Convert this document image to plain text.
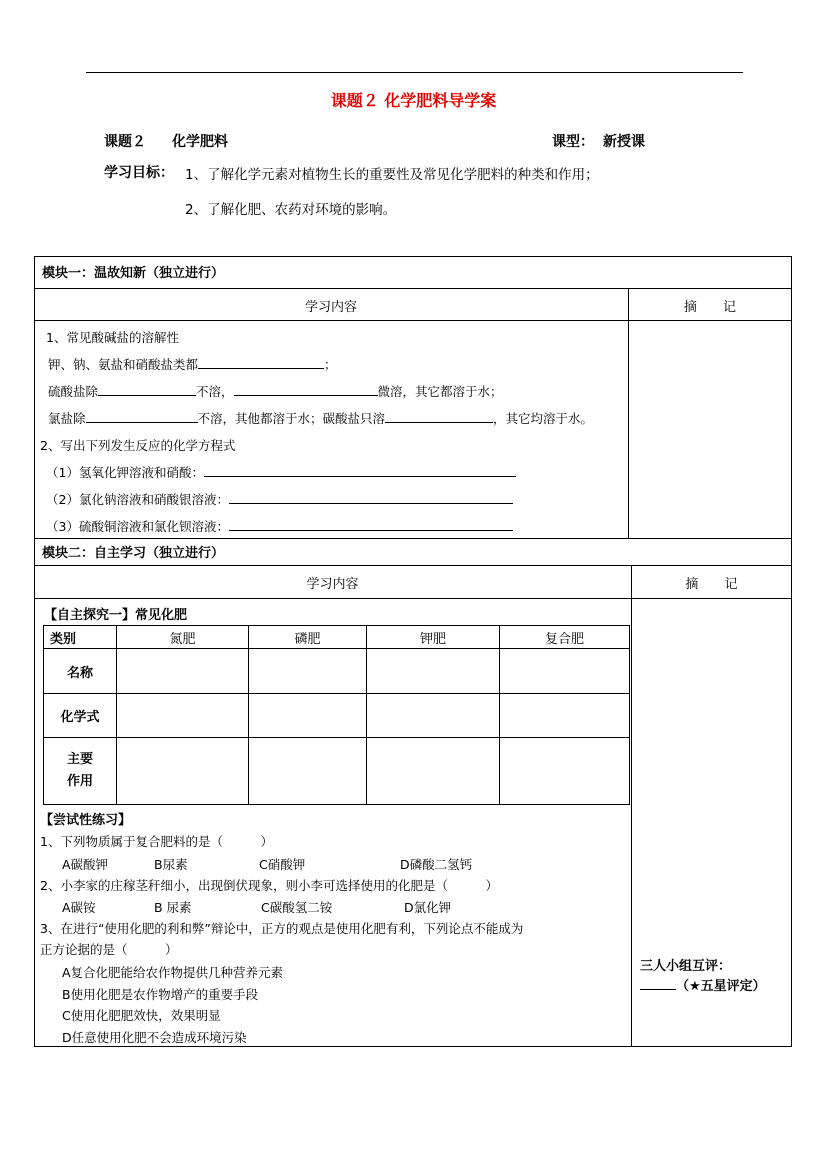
课题２ 化学肥料导学案
课题２ 化学肥料	课型： 新授课
学习目标： 1、了解化学元素对植物生长的重要性及常见化学肥料的种类和作用；
2、了解化肥、农药对环境的影响。
模块一：温故知新（独立进行）
学习内容	摘 记
1、常见酸碱盐的溶解性
钾、钠、氨盐和硝酸盐类都	；
硫酸盐除	不溶，	微溶，其它都溶于水；
氯盐除	不溶，其他都溶于水；碳酸盐只溶	，其它均溶于水。
2、写出下列发生反应的化学方程式
（1）氢氧化钾溶液和硝酸：
（2）氯化钠溶液和硝酸银溶液：
（3）硫酸铜溶液和氯化钡溶液：
模块二：自主学习（独立进行）
学习内容	摘 记
【自主探究一】常见化肥
类别	氮肥	磷肥	钾肥	复合肥
名称				
化学式				
主要作用				
【尝试性练习】
1、下列物质属于复合肥料的是（　　　）
A碳酸钾	B尿素	C硝酸钾	D磷酸二氢钙
2、小李家的庄稼茎秆细小，出现倒伏现象，则小李可选择使用的化肥是（　　　）
A碳铵	B 尿素	C碳酸氢二铵	D氯化钾
3、在进行“使用化肥的利和弊”辩论中，正方的观点是使用化肥有利，下列论点不能成为
正方论据的是（　　　）
A复合化肥能给农作物提供几种营养元素
B使用化肥是农作物增产的重要手段
C使用化肥肥效快，效果明显
D任意使用化肥不会造成环境污染
三人小组互评：
（★五星评定）
